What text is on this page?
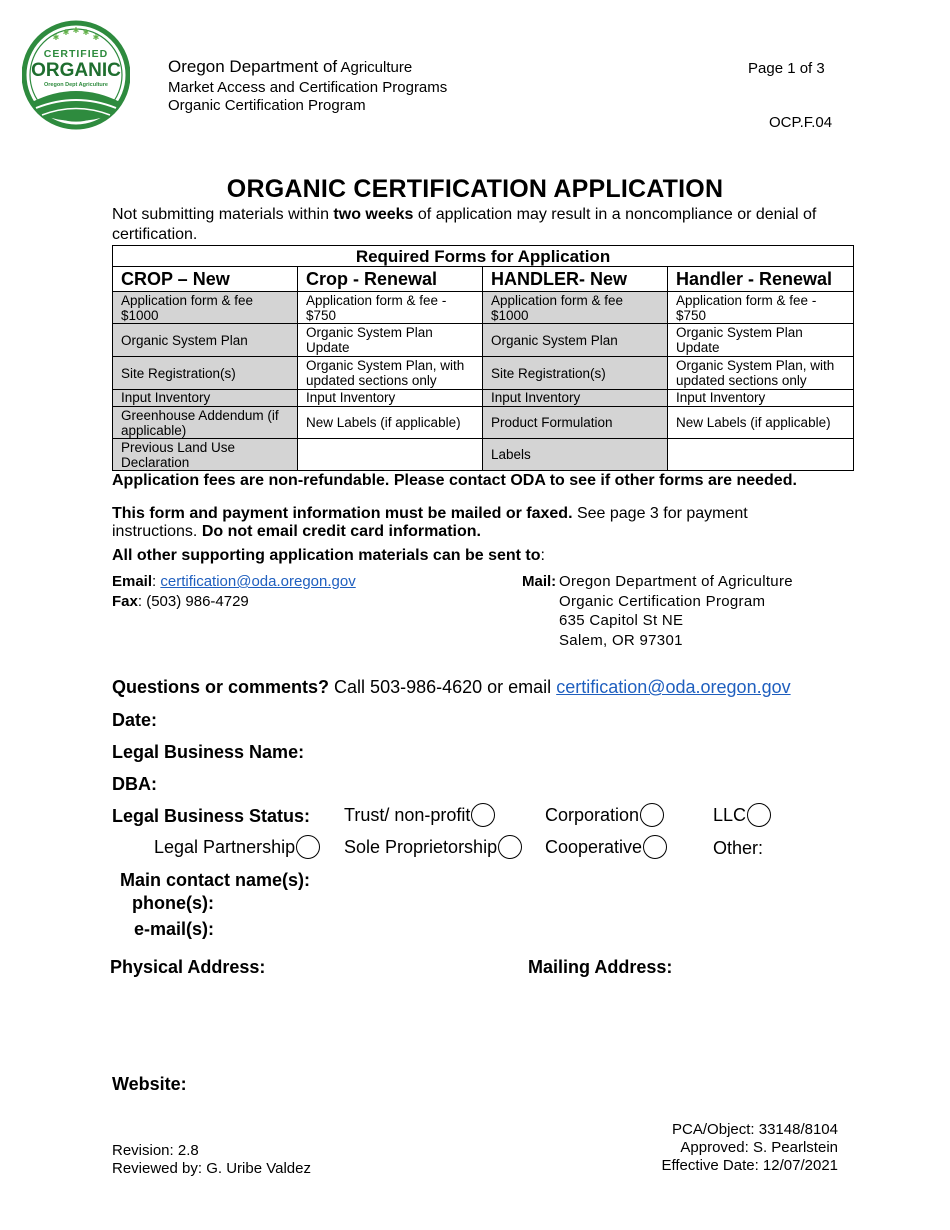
✱
✱ ✱ ✱
✱
CERTIFIED
ORGANIC
Oregon Dept Agriculture
Oregon Department of Agriculture
Market Access and Certification Programs
Organic Certification Program
Page 1 of 3
OCP.F.04
ORGANIC CERTIFICATION APPLICATION
Not submitting materials within two weeks of application may result in a noncompliance or denial of certification.
Required Forms for Application			
CROP – New	Crop - Renewal	HANDLER- New	Handler - Renewal
Application form & fee $1000	Application form & fee - $750	Application form & fee $1000	Application form & fee - $750
Organic System Plan	Organic System Plan Update	Organic System Plan	Organic System Plan Update
Site Registration(s)	Organic System Plan, with updated sections only	Site Registration(s)	Organic System Plan, with updated sections only
Input Inventory	Input Inventory	Input Inventory	Input Inventory
Greenhouse Addendum (if applicable)	New Labels (if applicable)	Product Formulation	New Labels (if applicable)
Previous Land Use Declaration		Labels	
Application fees are non-refundable. Please contact ODA to see if other forms are needed.
This form and payment information must be mailed or faxed. See page 3 for payment instructions. Do not email credit card information.
All other supporting application materials can be sent to:
Email: certification@oda.oregon.gov
Fax: (503) 986-4729
Mail: Oregon Department of Agriculture
Organic Certification Program
635 Capitol St NE
Salem, OR 97301
Questions or comments? Call 503-986-4620 or email certification@oda.oregon.gov
Date:
Legal Business Name:
DBA:
Legal Business Status: Trust/ non-profit	Corporation	LLC
Legal Partnership	Sole Proprietorship	Cooperative	Other:
Main contact name(s):
phone(s):
e-mail(s):
Physical Address:	Mailing Address:
Website:
Revision: 2.8
Reviewed by: G. Uribe Valdez
PCA/Object: 33148/8104
Approved: S. Pearlstein
Effective Date: 12/07/2021
